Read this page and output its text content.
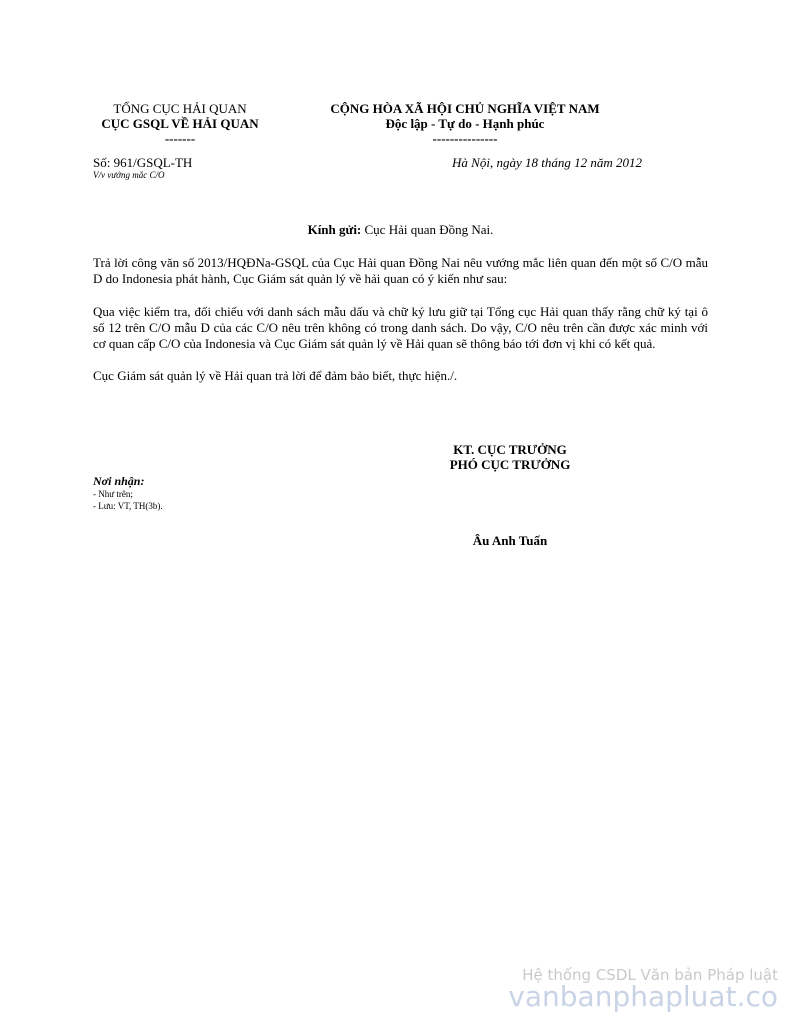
TỔNG CỤC HẢI QUAN
CỤC GSQL VỀ HẢI QUAN
-------
CỘNG HÒA XÃ HỘI CHỦ NGHĨA VIỆT NAM
Độc lập - Tự do - Hạnh phúc
---------------
Số: 961/GSQL-TH
V/v vướng mắc C/O
Hà Nội, ngày 18 tháng 12 năm 2012
Kính gửi: Cục Hải quan Đồng Nai.
Trả lời công văn số 2013/HQĐNa-GSQL của Cục Hải quan Đồng Nai nêu vướng mắc liên quan đến một số C/O mẫu D do Indonesia phát hành, Cục Giám sát quản lý về hải quan có ý kiến như sau:
Qua việc kiểm tra, đối chiếu với danh sách mẫu dấu và chữ ký lưu giữ tại Tổng cục Hải quan thấy rằng chữ ký tại ô số 12 trên C/O mẫu D của các C/O nêu trên không có trong danh sách. Do vậy, C/O nêu trên cần được xác minh với cơ quan cấp C/O của Indonesia và Cục Giám sát quản lý về Hải quan sẽ thông báo tới đơn vị khi có kết quả.
Cục Giám sát quản lý về Hải quan trả lời để đảm bảo biết, thực hiện./.
KT. CỤC TRƯỞNG
PHÓ CỤC TRƯỞNG
Nơi nhận:
- Như trên;
- Lưu: VT, TH(3b).
Âu Anh Tuấn
Hệ thống CSDL Văn bản Pháp luật
vanbanphapluat.co
